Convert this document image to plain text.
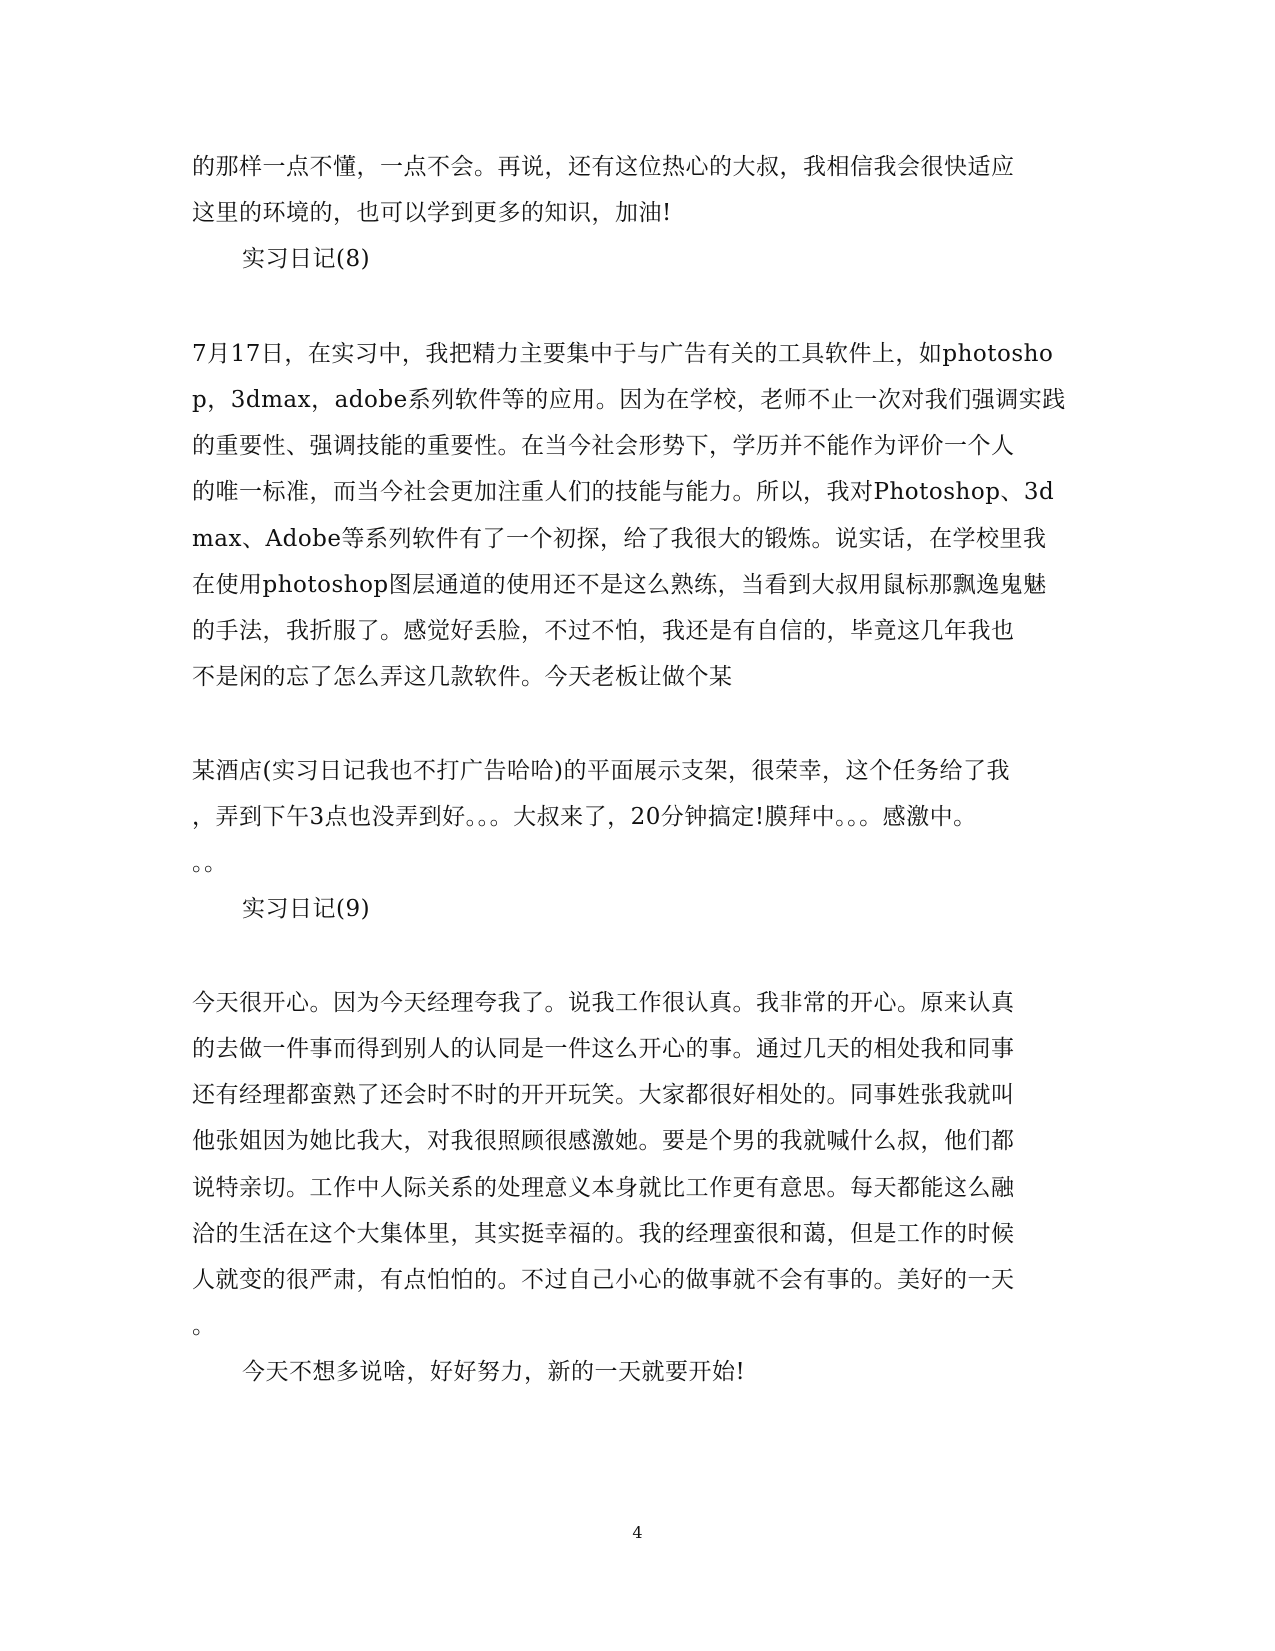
的那样一点不懂，一点不会。再说，还有这位热心的大叔，我相信我会很快适应
这里的环境的，也可以学到更多的知识，加油!
实习日记(8)
7月17日，在实习中，我把精力主要集中于与广告有关的工具软件上，如photosho
p，3dmax，adobe系列软件等的应用。因为在学校，老师不止一次对我们强调实践
的重要性、强调技能的重要性。在当今社会形势下，学历并不能作为评价一个人
的唯一标准，而当今社会更加注重人们的技能与能力。所以，我对Photoshop、3d
max、Adobe等系列软件有了一个初探，给了我很大的锻炼。说实话，在学校里我
在使用photoshop图层通道的使用还不是这么熟练，当看到大叔用鼠标那飘逸鬼魅
的手法，我折服了。感觉好丢脸，不过不怕，我还是有自信的，毕竟这几年我也
不是闲的忘了怎么弄这几款软件。今天老板让做个某
某酒店(实习日记我也不打广告哈哈)的平面展示支架，很荣幸，这个任务给了我
，弄到下午3点也没弄到好。。。大叔来了，20分钟搞定!膜拜中。。。感激中。
。。
实习日记(9)
今天很开心。因为今天经理夸我了。说我工作很认真。我非常的开心。原来认真
的去做一件事而得到别人的认同是一件这么开心的事。通过几天的相处我和同事
还有经理都蛮熟了还会时不时的开开玩笑。大家都很好相处的。同事姓张我就叫
他张姐因为她比我大，对我很照顾很感激她。要是个男的我就喊什么叔，他们都
说特亲切。工作中人际关系的处理意义本身就比工作更有意思。每天都能这么融
洽的生活在这个大集体里，其实挺幸福的。我的经理蛮很和蔼，但是工作的时候
人就变的很严肃，有点怕怕的。不过自己小心的做事就不会有事的。美好的一天
。
今天不想多说啥，好好努力，新的一天就要开始!
4
